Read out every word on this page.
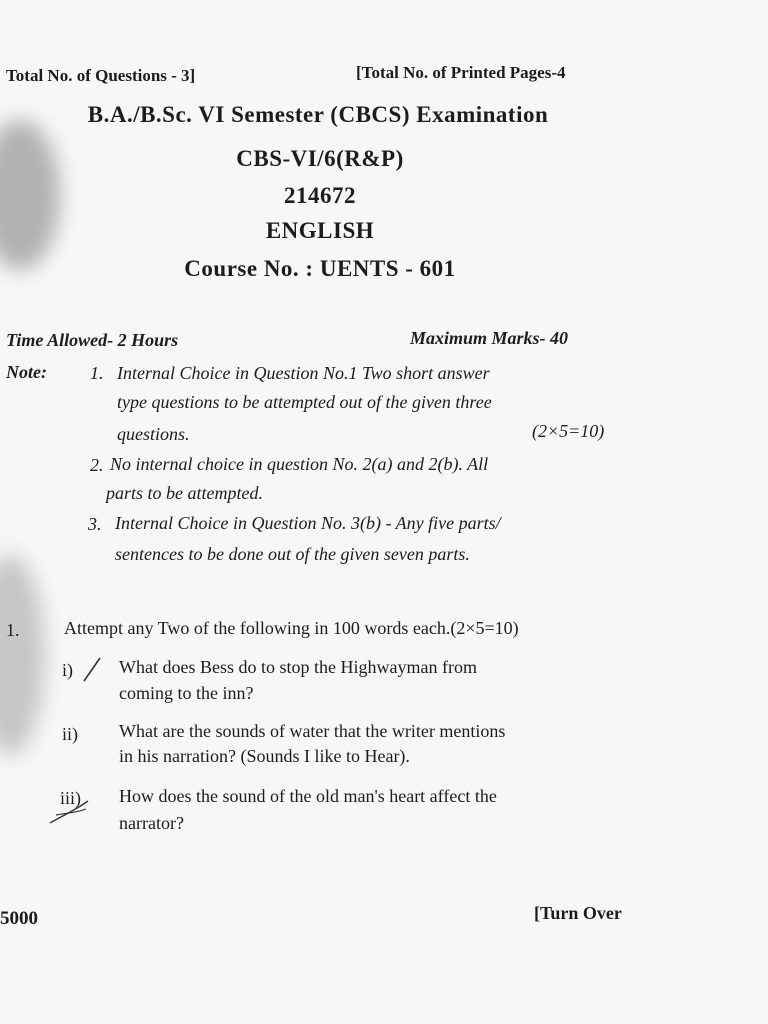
Total No. of Questions - 3]	[Total No. of Printed Pages-4
B.A./B.Sc. VI Semester (CBCS) Examination
CBS-VI/6(R&P)
214672
ENGLISH
Course No. : UENTS - 601
Time Allowed- 2 Hours	Maximum Marks- 40
Note: 1. Internal Choice in Question No.1 Two short answer
type questions to be attempted out of the given three
questions.	(2×5=10)
2. No internal choice in question No. 2(a) and 2(b). All
parts to be attempted.
3. Internal Choice in Question No. 3(b) - Any five parts/
sentences to be done out of the given seven parts.
1. Attempt any Two of the following in 100 words each.(2×5=10)
i)	What does Bess do to stop the Highwayman from
coming to the inn?
ii) What are the sounds of water that the writer mentions
in his narration? (Sounds I like to Hear).
iii) How does the sound of the old man's heart affect the
narrator?
5000	[Turn Over
